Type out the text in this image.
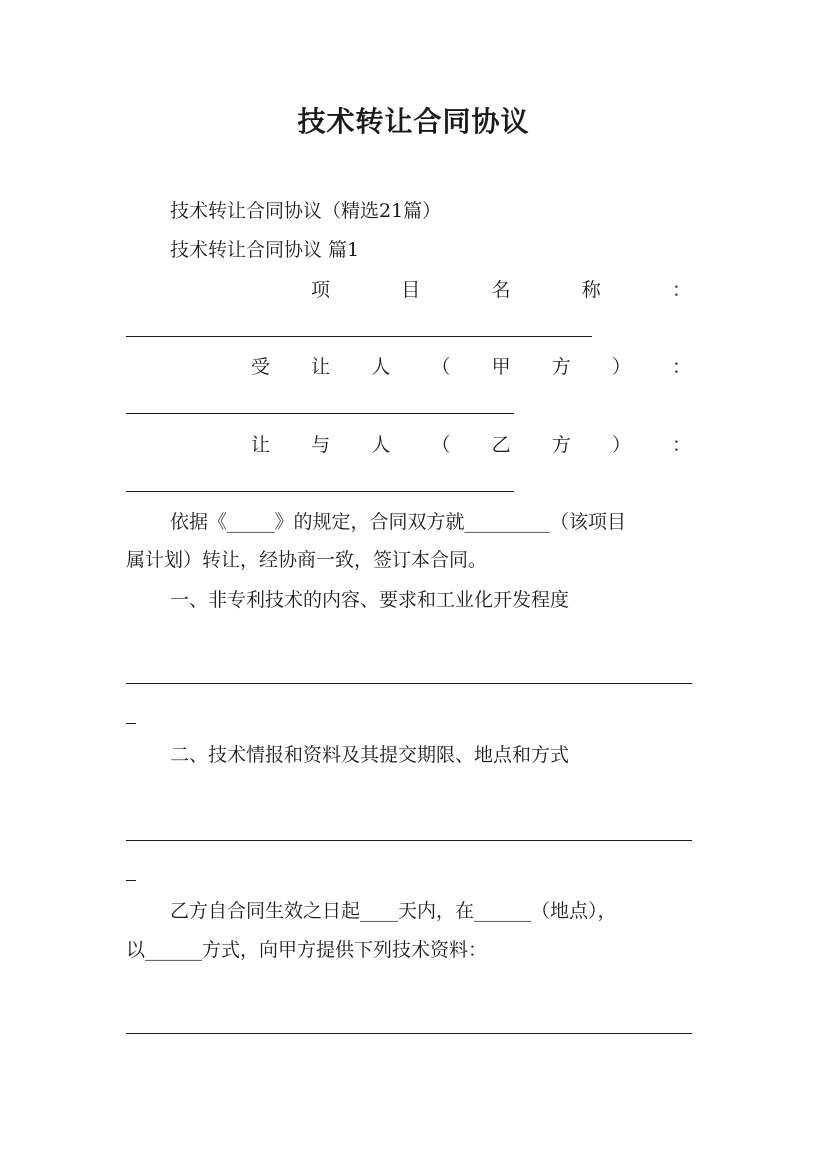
技术转让合同协议
技术转让合同协议（精选21篇）
技术转让合同协议 篇1
项	目	名	称	：
受 让 人 （ 甲 方 ） ：
让 与 人 （ 乙 方 ） ：
依据《_____》的规定，合同双方就_________（该项目
属计划）转让，经协商一致，签订本合同。
一、非专利技术的内容、要求和工业化开发程度
二、技术情报和资料及其提交期限、地点和方式
乙方自合同生效之日起____天内，在______（地点），
以______方式，向甲方提供下列技术资料：
